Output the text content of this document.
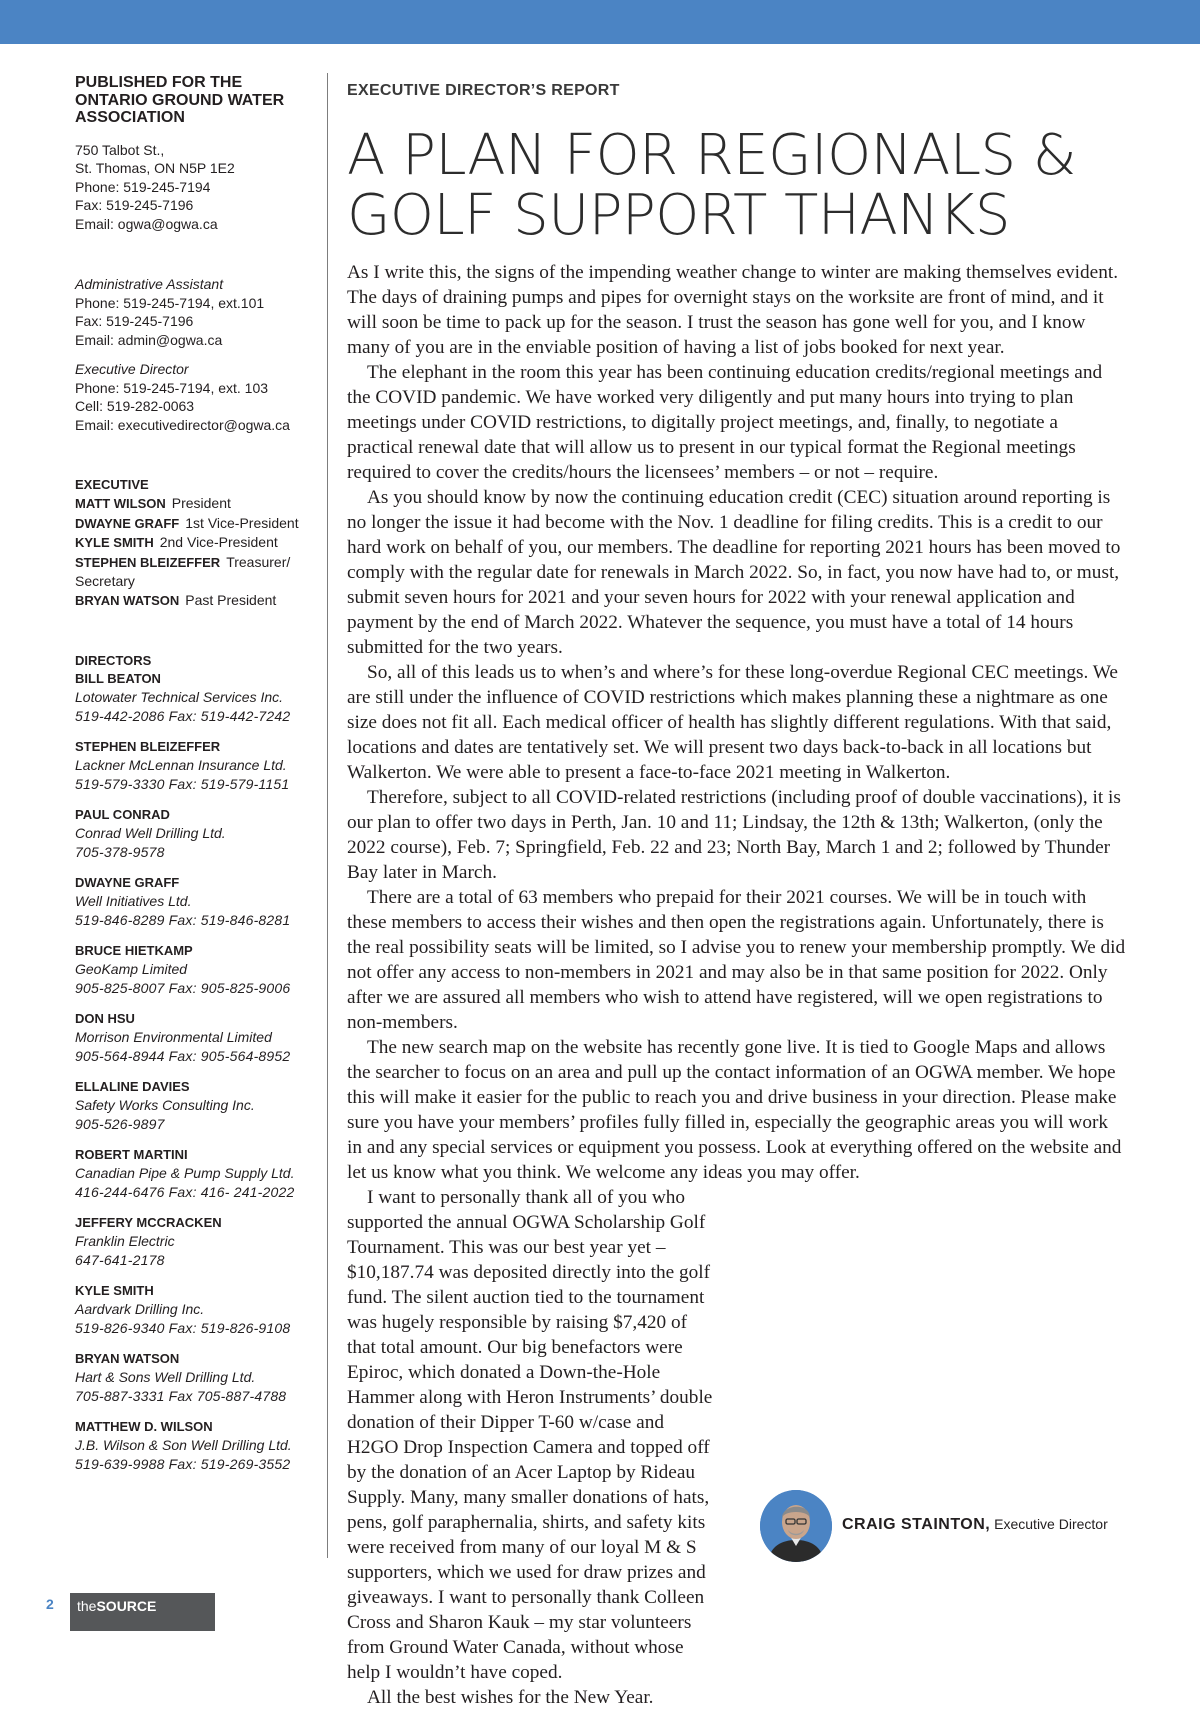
PUBLISHED FOR THE ONTARIO GROUND WATER ASSOCIATION
750 Talbot St.,
St. Thomas, ON N5P 1E2
Phone: 519-245-7194
Fax: 519-245-7196
Email: ogwa@ogwa.ca
Administrative Assistant
Phone: 519-245-7194, ext.101
Fax: 519-245-7196
Email: admin@ogwa.ca
Executive Director
Phone: 519-245-7194, ext. 103
Cell: 519-282-0063
Email: executivedirector@ogwa.ca
EXECUTIVE
MATT WILSON President
DWAYNE GRAFF 1st Vice-President
KYLE SMITH 2nd Vice-President
STEPHEN BLEIZEFFER Treasurer/ Secretary
BRYAN WATSON Past President
DIRECTORS
BILL BEATON
Lotowater Technical Services Inc.
519-442-2086 Fax: 519-442-7242
STEPHEN BLEIZEFFER
Lackner McLennan Insurance Ltd.
519-579-3330 Fax: 519-579-1151
PAUL CONRAD
Conrad Well Drilling Ltd.
705-378-9578
DWAYNE GRAFF
Well Initiatives Ltd.
519-846-8289 Fax: 519-846-8281
BRUCE HIETKAMP
GeoKamp Limited
905-825-8007 Fax: 905-825-9006
DON HSU
Morrison Environmental Limited
905-564-8944 Fax: 905-564-8952
ELLALINE DAVIES
Safety Works Consulting Inc.
905-526-9897
ROBERT MARTINI
Canadian Pipe & Pump Supply Ltd.
416-244-6476 Fax: 416- 241-2022
JEFFERY MCCRACKEN
Franklin Electric
647-641-2178
KYLE SMITH
Aardvark Drilling Inc.
519-826-9340 Fax: 519-826-9108
BRYAN WATSON
Hart & Sons Well Drilling Ltd.
705-887-3331 Fax 705-887-4788
MATTHEW D. WILSON
J.B. Wilson & Son Well Drilling Ltd.
519-639-9988 Fax: 519-269-3552
EXECUTIVE DIRECTOR’S REPORT
A PLAN FOR REGIONALS &
GOLF SUPPORT THANKS

As I write this, the signs of the impending weather change to winter are making themselves evident. The days of draining pumps and pipes for overnight stays on the worksite are front of mind, and it will soon be time to pack up for the season. I trust the season has gone well for you, and I know many of you are in the enviable position of having a list of jobs booked for next year.

The elephant in the room this year has been continuing education credits/regional meetings and the COVID pandemic. We have worked very diligently and put many hours into trying to plan meetings under COVID restrictions, to digitally project meetings, and, finally, to negotiate a practical renewal date that will allow us to present in our typical format the Regional meetings required to cover the credits/hours the licensees’ members – or not – require.

As you should know by now the continuing education credit (CEC) situation around reporting is no longer the issue it had become with the Nov. 1 deadline for filing credits. This is a credit to our hard work on behalf of you, our members. The deadline for reporting 2021 hours has been moved to comply with the regular date for renewals in March 2022. So, in fact, you now have had to, or must, submit seven hours for 2021 and your seven hours for 2022 with your renewal application and payment by the end of March 2022. Whatever the sequence, you must have a total of 14 hours submitted for the two years.

So, all of this leads us to when’s and where’s for these long-overdue Regional CEC meetings. We are still under the influence of COVID restrictions which makes planning these a nightmare as one size does not fit all. Each medical officer of health has slightly different regulations. With that said, locations and dates are tentatively set. We will present two days back-to-back in all locations but Walkerton. We were able to present a face-to-face 2021 meeting in Walkerton.

Therefore, subject to all COVID-related restrictions (including proof of double vaccinations), it is our plan to offer two days in Perth, Jan. 10 and 11; Lindsay, the 12th & 13th; Walkerton, (only the 2022 course), Feb. 7; Springfield, Feb. 22 and 23; North Bay, March 1 and 2; followed by Thunder Bay later in March.

There are a total of 63 members who prepaid for their 2021 courses. We will be in touch with these members to access their wishes and then open the registrations again. Unfortunately, there is the real possibility seats will be limited, so I advise you to renew your membership promptly. We did not offer any access to non-members in 2021 and may also be in that same position for 2022. Only after we are assured all members who wish to attend have registered, will we open registrations to non-members.

The new search map on the website has recently gone live. It is tied to Google Maps and allows the searcher to focus on an area and pull up the contact information of an OGWA member. We hope this will make it easier for the public to reach you and drive business in your direction. Please make sure you have your members’ profiles fully filled in, especially the geographic areas you will work in and any special services or equipment you possess. Look at everything offered on the website and let us know what you think. We welcome any ideas you may offer.

I want to personally thank all of you who supported the annual OGWA Scholarship Golf Tournament. This was our best year yet – $10,187.74 was deposited directly into the golf fund. The silent auction tied to the tournament was hugely responsible by raising $7,420 of that total amount. Our big benefactors were Epiroc, which donated a Down-the-Hole Hammer along with Heron Instruments’ double donation of their Dipper T-60 w/case and H2GO Drop Inspection Camera and topped off by the donation of an Acer Laptop by Rideau Supply. Many, many smaller donations of hats, pens, golf paraphernalia, shirts, and safety kits were received from many of our loyal M & S supporters, which we used for draw prizes and giveaways. I want to personally thank Colleen Cross and Sharon Kauk – my star volunteers from Ground Water Canada, without whose help I wouldn’t have coped.

All the best wishes for the New Year.

CRAIG STAINTON, Executive Director
2 theSOURCE
